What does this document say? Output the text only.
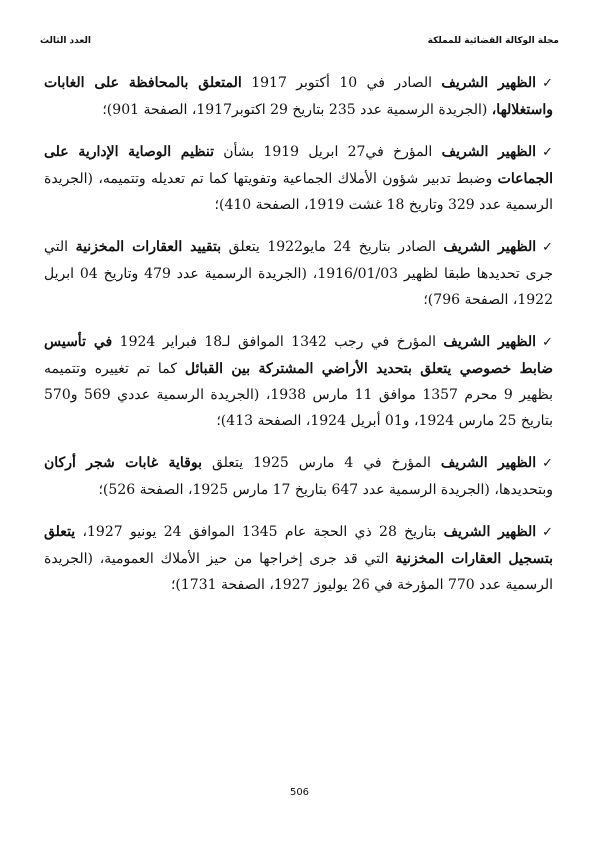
مجلة الوكالة القضائية للمملكة
العدد الثالث

✓الظهير الشريف الصادر في 10 أكتوبر 1917 المتعلق بالمحافظة على الغابات واستغلالها، (الجريدة الرسمية عدد 235 بتاريخ 29 اكتوبر1917، الصفحة 901)؛

✓الظهير الشريف المؤرخ في27 ابريل 1919 بشأن تنظيم الوصاية الإدارية على الجماعات وضبط تدبير شؤون الأملاك الجماعية وتفويتها كما تم تعديله وتتميمه، (الجريدة الرسمية عدد 329 وتاريخ 18 غشت 1919، الصفحة 410)؛

✓الظهير الشريف الصادر بتاريخ 24 مايو1922 يتعلق بتقييد العقارات المخزنية التي جرى تحديدها طبقا لظهير 1916/01/03، (الجريدة الرسمية عدد 479 وتاريخ 04 ابريل 1922، الصفحة 796)؛

✓الظهير الشريف المؤرخ في رجب 1342 الموافق لـ18 فبراير 1924 في تأسيس ضابط خصوصي يتعلق بتحديد الأراضي المشتركة بين القبائل كما تم تغييره وتتميمه بظهير 9 محرم 1357 موافق 11 مارس 1938، (الجريدة الرسمية عددي 569 و570 بتاريخ 25 مارس 1924، و01 أبريل 1924، الصفحة 413)؛

✓الظهير الشريف المؤرخ في 4 مارس 1925 يتعلق بوقاية غابات شجر أركان وبتحديدها، (الجريدة الرسمية عدد 647 بتاريخ 17 مارس 1925، الصفحة 526)؛

✓الظهير الشريف بتاريخ 28 ذي الحجة عام 1345 الموافق 24 يونيو 1927، يتعلق بتسجيل العقارات المخزنية التي قد جرى إخراجها من حيز الأملاك العمومية، (الجريدة الرسمية عدد 770 المؤرخة في 26 يوليوز 1927، الصفحة 1731)؛

506
